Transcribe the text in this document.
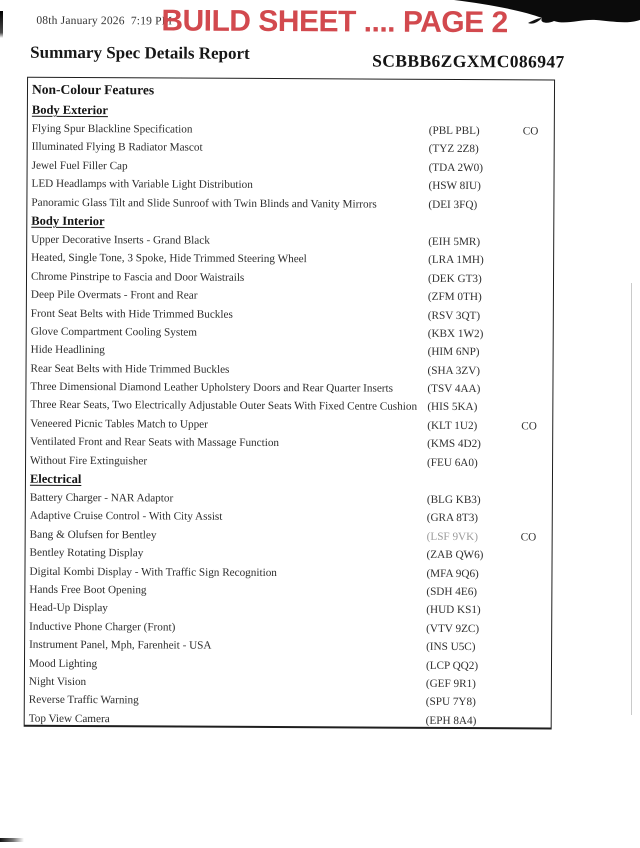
08th January 2026  7:19 PM
BUILD SHEET .... PAGE 2
Summary Spec Details Report	SCBBB6ZGXMC086947
Non-Colour Features
Body Exterior
Flying Spur Blackline Specification	(PBL PBL)	CO
Illuminated Flying B Radiator Mascot	(TYZ 2Z8)
Jewel Fuel Filler Cap	(TDA 2W0)
LED Headlamps with Variable Light Distribution	(HSW 8IU)
Panoramic Glass Tilt and Slide Sunroof with Twin Blinds and Vanity Mirrors	(DEI 3FQ)
Body Interior
Upper Decorative Inserts - Grand Black	(EIH 5MR)
Heated, Single Tone, 3 Spoke, Hide Trimmed Steering Wheel	(LRA 1MH)
Chrome Pinstripe to Fascia and Door Waistrails	(DEK GT3)
Deep Pile Overmats - Front and Rear	(ZFM 0TH)
Front Seat Belts with Hide Trimmed Buckles	(RSV 3QT)
Glove Compartment Cooling System	(KBX 1W2)
Hide Headlining	(HIM 6NP)
Rear Seat Belts with Hide Trimmed Buckles	(SHA 3ZV)
Three Dimensional Diamond Leather Upholstery Doors and Rear Quarter Inserts	(TSV 4AA)
Three Rear Seats, Two Electrically Adjustable Outer Seats With Fixed Centre Cushion (HIS 5KA)
Veneered Picnic Tables Match to Upper	(KLT 1U2)	CO
Ventilated Front and Rear Seats with Massage Function	(KMS 4D2)
Without Fire Extinguisher	(FEU 6A0)
Electrical
Battery Charger - NAR Adaptor	(BLG KB3)
Adaptive Cruise Control - With City Assist	(GRA 8T3)
Bang & Olufsen for Bentley	(LSF 9VK)	CO
Bentley Rotating Display	(ZAB QW6)
Digital Kombi Display - With Traffic Sign Recognition	(MFA 9Q6)
Hands Free Boot Opening	(SDH 4E6)
Head-Up Display	(HUD KS1)
Inductive Phone Charger (Front)	(VTV 9ZC)
Instrument Panel, Mph, Farenheit - USA	(INS U5C)
Mood Lighting	(LCP QQ2)
Night Vision	(GEF 9R1)
Reverse Traffic Warning	(SPU 7Y8)
Top View Camera	(EPH 8A4)
